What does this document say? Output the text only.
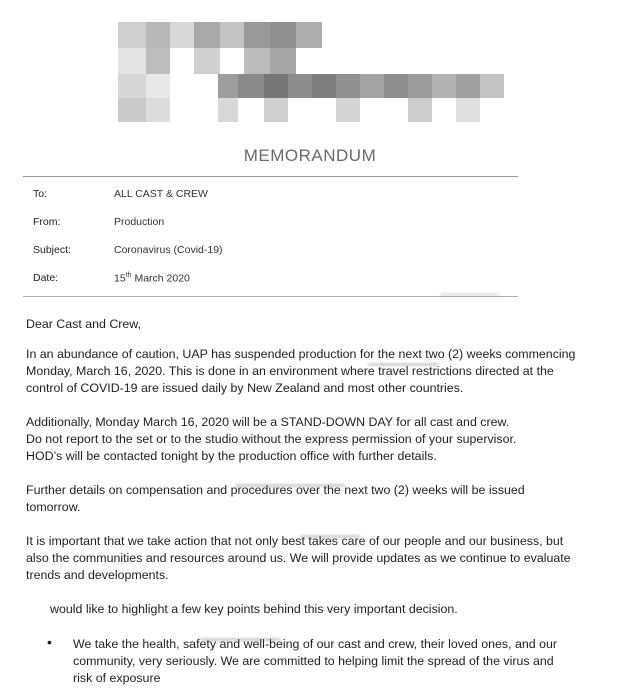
MEMORANDUM
To:	ALL CAST & CREW
From:	Production
Subject:	Coronavirus (Covid-19)
Date:	15th March 2020

Dear Cast and Crew,

In an abundance of caution, UAP has suspended production for the next two (2) weeks commencing

Monday, March 16, 2020. This is done in an environment where travel restrictions directed at the

control of COVID-19 are issued daily by New Zealand and most other countries.

Additionally, Monday March 16, 2020 will be a STAND-DOWN DAY for all cast and crew.

Do not report to the set or to the studio without the express permission of your supervisor.

HOD’s will be contacted tonight by the production office with further details.

Further details on compensation and procedures over the next two (2) weeks will be issued

tomorrow.

It is important that we take action that not only best takes care of our people and our business, but

also the communities and resources around us. We will provide updates as we continue to evaluate

trends and developments.

would like to highlight a few key points behind this very important decision.

• We take the health, safety and well-being of our cast and crew, their loved ones, and our

community, very seriously. We are committed to helping limit the spread of the virus and

risk of exposure
